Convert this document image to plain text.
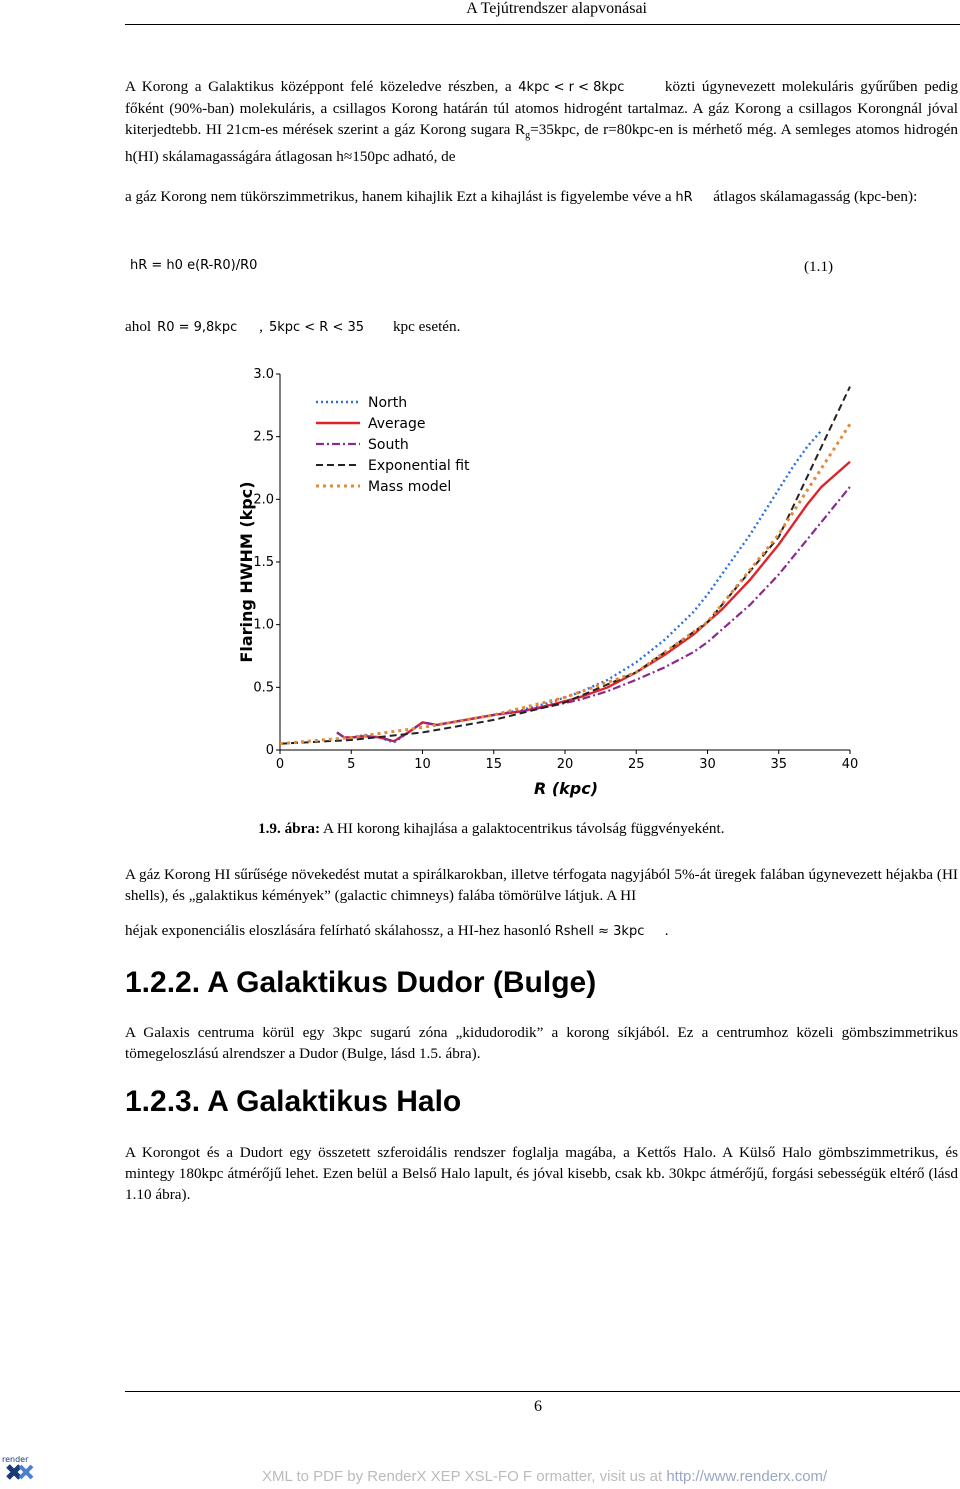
A Tejútrendszer alapvonásai
A Korong a Galaktikus középpont felé közeledve részben, a 4kpc < r < 8kpc	közti úgynevezett molekuláris gyűrűben pedig főként (90%-ban) molekuláris, a csillagos Korong határán túl atomos hidrogént tartalmaz. A gáz Korong a csillagos Korongnál jóval kiterjedtebb. HI 21cm-es mérések szerint a gáz Korong sugara $R_g=35kpc$, de r=80kpc-en is mérhető még. A semleges atomos hidrogén h(HI) skálamagasságára átlagosan h≈150pc adható, de
a gáz Korong nem tükörszimmetrikus, hanem kihajlik Ezt a kihajlást is figyelembe véve a hR átlagos skálamagasság (kpc-ben):
hR = h0 e(R-R0)/R0	(1.1)
ahol R0 = 9,8kpc	, 5kpc < R < 35	kpc esetén.
Flaring HWHM (kpc)
R (kpc)
0	5	10	15	20	25	30	35	40
0
0.5
1.0
1.5
2.0
2.5
3.0
North
Average
South
Exponential fit
Mass model
1.9. ábra: A HI korong kihajlása a galaktocentrikus távolság függvényeként.
A gáz Korong HI sűrűsége növekedést mutat a spirálkarokban, illetve térfogata nagyjából 5%-át üregek falában úgynevezett héjakba (HI shells), és „galaktikus kémények” (galactic chimneys) falába tömörülve látjuk. A HI
héjak exponenciális eloszlására felírható skálahossz, a HI-hez hasonló Rshell ≈ 3kpc .
1.2.2. A Galaktikus Dudor (Bulge)
A Galaxis centruma körül egy 3kpc sugarú zóna „kidudorodik” a korong síkjából. Ez a centrumhoz közeli gömbszimmetrikus tömegeloszlású alrendszer a Dudor (Bulge, lásd 1.5. ábra).
1.2.3. A Galaktikus Halo
A Korongot és a Dudort egy összetett szferoidális rendszer foglalja magába, a Kettős Halo. A Külső Halo gömbszimmetrikus, és mintegy 180kpc átmérőjű lehet. Ezen belül a Belső Halo lapult, és jóval kisebb, csak kb. 30kpc átmérőjű, forgási sebességük eltérő (lásd 1.10 ábra).
6
render
XML to PDF by RenderX XEP XSL-FO F ormatter, visit us at http://www.renderx.com/
